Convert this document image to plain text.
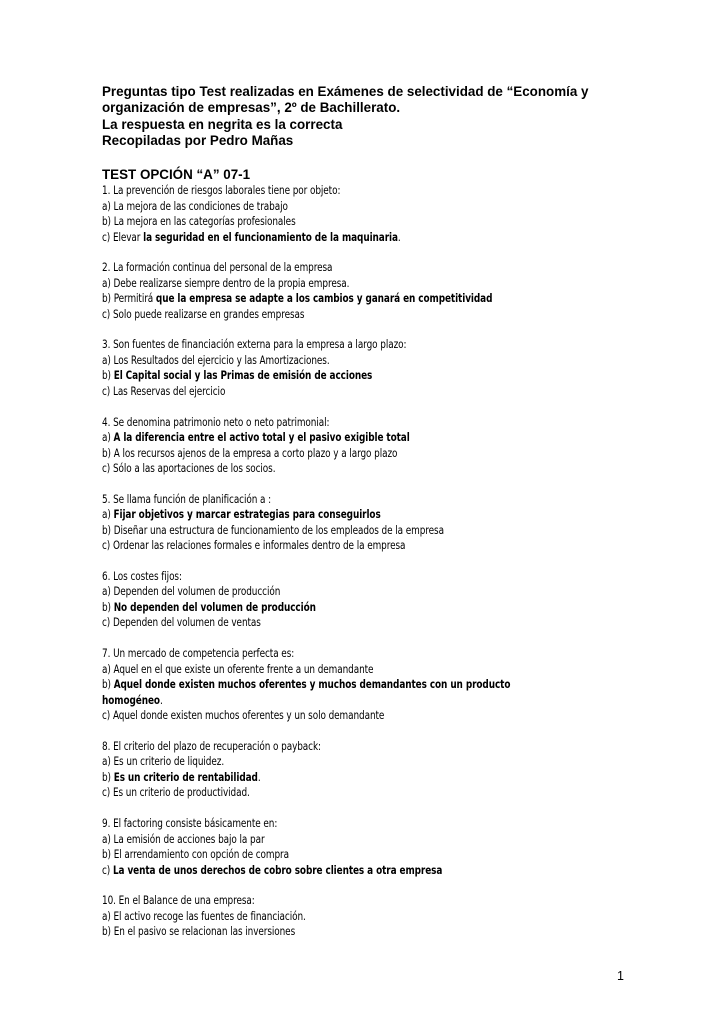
Preguntas tipo Test realizadas en Exámenes de selectividad de “Economía y
organización de empresas”, 2º de Bachillerato.
La respuesta en negrita es la correcta
Recopiladas por Pedro Mañas
TEST OPCIÓN “A” 07-1
1. La prevención de riesgos laborales tiene por objeto:
a) La mejora de las condiciones de trabajo
b) La mejora en las categorías profesionales
c) Elevar la seguridad en el funcionamiento de la maquinaria.
2. La formación continua del personal de la empresa
a) Debe realizarse siempre dentro de la propia empresa.
b) Permitirá que la empresa se adapte a los cambios y ganará en competitividad
c) Solo puede realizarse en grandes empresas
3. Son fuentes de financiación externa para la empresa a largo plazo:
a) Los Resultados del ejercicio y las Amortizaciones.
b) El Capital social y las Primas de emisión de acciones
c) Las Reservas del ejercicio
4. Se denomina patrimonio neto o neto patrimonial:
a) A la diferencia entre el activo total y el pasivo exigible total
b) A los recursos ajenos de la empresa a corto plazo y a largo plazo
c) Sólo a las aportaciones de los socios.
5. Se llama función de planificación a :
a) Fijar objetivos y marcar estrategias para conseguirlos
b) Diseñar una estructura de funcionamiento de los empleados de la empresa
c) Ordenar las relaciones formales e informales dentro de la empresa
6. Los costes fijos:
a) Dependen del volumen de producción
b) No dependen del volumen de producción
c) Dependen del volumen de ventas
7. Un mercado de competencia perfecta es:
a) Aquel en el que existe un oferente frente a un demandante
b) Aquel donde existen muchos oferentes y muchos demandantes con un producto
homogéneo.
c) Aquel donde existen muchos oferentes y un solo demandante
8. El criterio del plazo de recuperación o payback:
a) Es un criterio de liquidez.
b) Es un criterio de rentabilidad.
c) Es un criterio de productividad.
9. El factoring consiste básicamente en:
a) La emisión de acciones bajo la par
b) El arrendamiento con opción de compra
c) La venta de unos derechos de cobro sobre clientes a otra empresa
10. En el Balance de una empresa:
a) El activo recoge las fuentes de financiación.
b) En el pasivo se relacionan las inversiones
1
